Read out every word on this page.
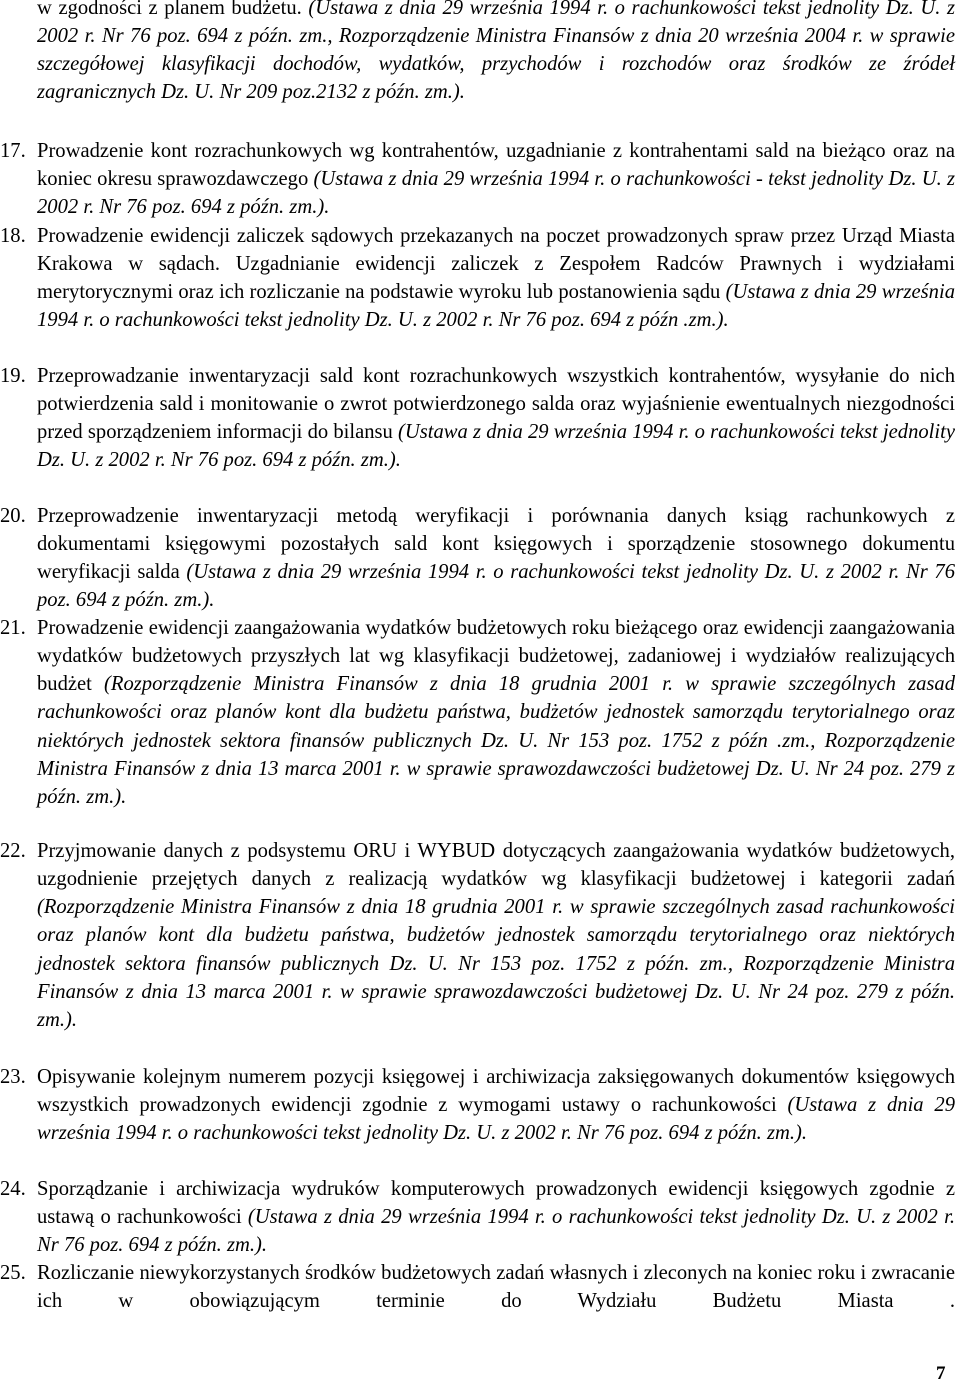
w zgodności z planem budżetu. (Ustawa z dnia 29 września 1994 r. o rachunkowości tekst jednolity Dz. U. z 2002 r. Nr 76 poz. 694 z późn. zm., Rozporządzenie Ministra Finansów z dnia 20 września 2004 r. w sprawie szczegółowej klasyfikacji dochodów, wydatków, przychodów i rozchodów oraz środków ze źródeł zagranicznych Dz. U. Nr 209 poz.2132 z późn. zm.).
17. Prowadzenie kont rozrachunkowych wg kontrahentów, uzgadnianie z kontrahentami sald na bieżąco oraz na koniec okresu sprawozdawczego (Ustawa z dnia 29 września 1994 r. o rachunkowości - tekst jednolity Dz. U. z 2002 r. Nr 76 poz. 694 z późn. zm.).
18. Prowadzenie ewidencji zaliczek sądowych przekazanych na poczet prowadzonych spraw przez Urząd Miasta Krakowa w sądach. Uzgadnianie ewidencji zaliczek z Zespołem Radców Prawnych i wydziałami merytorycznymi oraz ich rozliczanie na podstawie wyroku lub postanowienia sądu (Ustawa z dnia 29 września 1994 r. o rachunkowości tekst jednolity Dz. U. z 2002 r. Nr 76 poz. 694 z późn .zm.).
19. Przeprowadzanie inwentaryzacji sald kont rozrachunkowych wszystkich kontrahentów, wysyłanie do nich potwierdzenia sald i monitowanie o zwrot potwierdzonego salda oraz wyjaśnienie ewentualnych niezgodności przed sporządzeniem informacji do bilansu (Ustawa z dnia 29 września 1994 r. o rachunkowości tekst jednolity Dz. U. z 2002 r. Nr 76 poz. 694 z późn. zm.).
20. Przeprowadzenie inwentaryzacji metodą weryfikacji i porównania danych ksiąg rachunkowych z dokumentami księgowymi pozostałych sald kont księgowych i sporządzenie stosownego dokumentu weryfikacji salda (Ustawa z dnia 29 września 1994 r. o rachunkowości tekst jednolity Dz. U. z 2002 r. Nr 76 poz. 694 z późn. zm.).
21. Prowadzenie ewidencji zaangażowania wydatków budżetowych roku bieżącego oraz ewidencji zaangażowania wydatków budżetowych przyszłych lat wg klasyfikacji budżetowej, zadaniowej i wydziałów realizujących budżet (Rozporządzenie Ministra Finansów z dnia 18 grudnia 2001 r. w sprawie szczególnych zasad rachunkowości oraz planów kont dla budżetu państwa, budżetów jednostek samorządu terytorialnego oraz niektórych jednostek sektora finansów publicznych Dz. U. Nr 153 poz. 1752 z późn .zm., Rozporządzenie Ministra Finansów z dnia 13 marca 2001 r. w sprawie sprawozdawczości budżetowej Dz. U. Nr 24 poz. 279 z późn. zm.).
22. Przyjmowanie danych z podsystemu ORU i WYBUD dotyczących zaangażowania wydatków budżetowych, uzgodnienie przejętych danych z realizacją wydatków wg klasyfikacji budżetowej i kategorii zadań (Rozporządzenie Ministra Finansów z dnia 18 grudnia 2001 r. w sprawie szczególnych zasad rachunkowości oraz planów kont dla budżetu państwa, budżetów jednostek samorządu terytorialnego oraz niektórych jednostek sektora finansów publicznych Dz. U. Nr 153 poz. 1752 z późn. zm., Rozporządzenie Ministra Finansów z dnia 13 marca 2001 r. w sprawie sprawozdawczości budżetowej Dz. U. Nr 24 poz. 279 z późn. zm.).
23. Opisywanie kolejnym numerem pozycji księgowej i archiwizacja zaksięgowanych dokumentów księgowych wszystkich prowadzonych ewidencji zgodnie z wymogami ustawy o rachunkowości (Ustawa z dnia 29 września 1994 r. o rachunkowości tekst jednolity Dz. U. z 2002 r. Nr 76 poz. 694 z późn. zm.).
24. Sporządzanie i archiwizacja wydruków komputerowych prowadzonych ewidencji księgowych zgodnie z ustawą o rachunkowości (Ustawa z dnia 29 września 1994 r. o rachunkowości tekst jednolity Dz. U. z 2002 r. Nr 76 poz. 694 z późn. zm.).
25. Rozliczanie niewykorzystanych środków budżetowych zadań własnych i zleconych na koniec roku i zwracanie ich w obowiązującym terminie do Wydziału Budżetu Miasta .
7
